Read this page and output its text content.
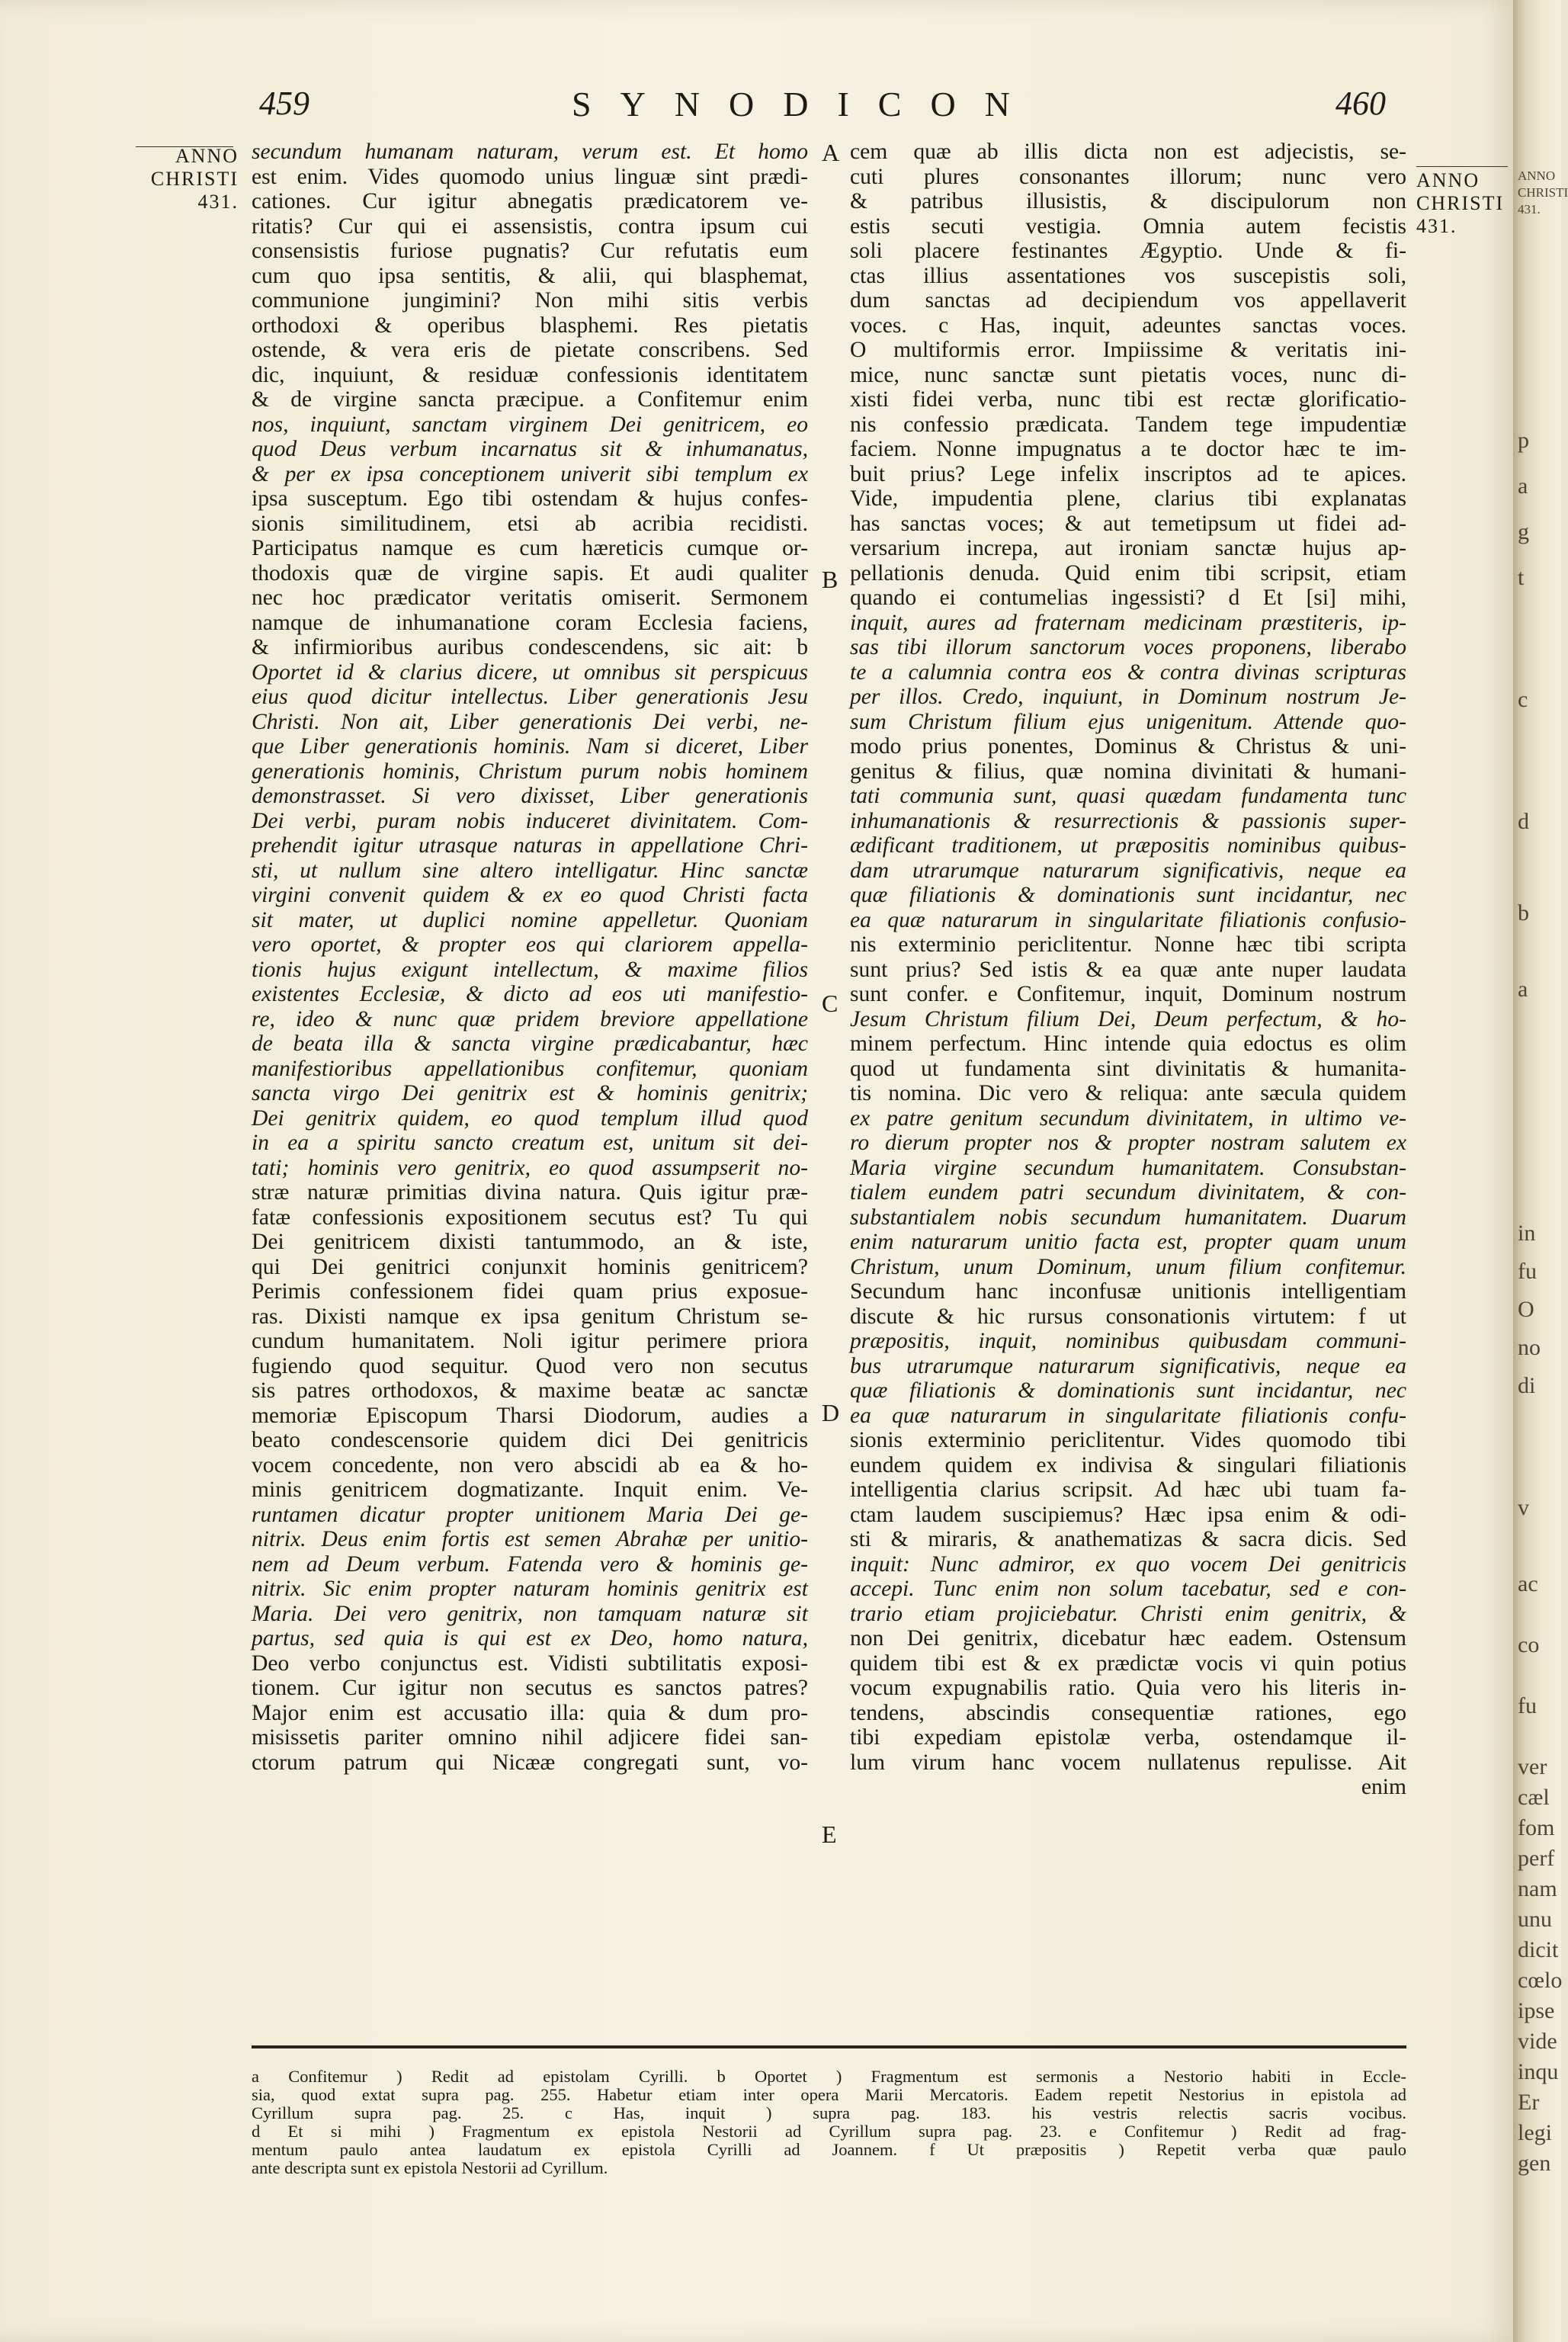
459	SYNODICON	460
ANNO
CHRISTI
431.
ANNO
CHRISTI
431.
A
B
C
D
E
secundum humanam naturam, verum est. Et homo
est enim. Vides quomodo unius linguæ sint prædi-
cationes. Cur igitur abnegatis prædicatorem ve-
ritatis? Cur qui ei assensistis, contra ipsum cui
consensistis furiose pugnatis? Cur refutatis eum
cum quo ipsa sentitis, & alii, qui blasphemat,
communione jungimini? Non mihi sitis verbis
orthodoxi & operibus blasphemi. Res pietatis
ostende, & vera eris de pietate conscribens. Sed
dic, inquiunt, & residuæ confessionis identitatem
& de virgine sancta præcipue. a Confitemur enim
nos, inquiunt, sanctam virginem Dei genitricem, eo
quod Deus verbum incarnatus sit & inhumanatus,
& per ex ipsa conceptionem univerit sibi templum ex
ipsa susceptum. Ego tibi ostendam & hujus confes-
sionis similitudinem, etsi ab acribia recidisti.
Participatus namque es cum hæreticis cumque or-
thodoxis quæ de virgine sapis. Et audi qualiter
nec hoc prædicator veritatis omiserit. Sermonem
namque de inhumanatione coram Ecclesia faciens,
& infirmioribus auribus condescendens, sic ait: b
Oportet id & clarius dicere, ut omnibus sit perspicuus
eius quod dicitur intellectus. Liber generationis Jesu
Christi. Non ait, Liber generationis Dei verbi, ne-
que Liber generationis hominis. Nam si diceret, Liber
generationis hominis, Christum purum nobis hominem
demonstrasset. Si vero dixisset, Liber generationis
Dei verbi, puram nobis induceret divinitatem. Com-
prehendit igitur utrasque naturas in appellatione Chri-
sti, ut nullum sine altero intelligatur. Hinc sanctæ
virgini convenit quidem & ex eo quod Christi facta
sit mater, ut duplici nomine appelletur. Quoniam
vero oportet, & propter eos qui clariorem appella-
tionis hujus exigunt intellectum, & maxime filios
existentes Ecclesiæ, & dicto ad eos uti manifestio-
re, ideo & nunc quæ pridem breviore appellatione
de beata illa & sancta virgine prædicabantur, hæc
manifestioribus appellationibus confitemur, quoniam
sancta virgo Dei genitrix est & hominis genitrix;
Dei genitrix quidem, eo quod templum illud quod
in ea a spiritu sancto creatum est, unitum sit dei-
tati; hominis vero genitrix, eo quod assumpserit no-
stræ naturæ primitias divina natura. Quis igitur præ-
fatæ confessionis expositionem secutus est? Tu qui
Dei genitricem dixisti tantummodo, an & iste,
qui Dei genitrici conjunxit hominis genitricem?
Perimis confessionem fidei quam prius exposue-
ras. Dixisti namque ex ipsa genitum Christum se-
cundum humanitatem. Noli igitur perimere priora
fugiendo quod sequitur. Quod vero non secutus
sis patres orthodoxos, & maxime beatæ ac sanctæ
memoriæ Episcopum Tharsi Diodorum, audies a
beato condescensorie quidem dici Dei genitricis
vocem concedente, non vero abscidi ab ea & ho-
minis genitricem dogmatizante. Inquit enim. Ve-
runtamen dicatur propter unitionem Maria Dei ge-
nitrix. Deus enim fortis est semen Abrahæ per unitio-
nem ad Deum verbum. Fatenda vero & hominis ge-
nitrix. Sic enim propter naturam hominis genitrix est
Maria. Dei vero genitrix, non tamquam naturæ sit
partus, sed quia is qui est ex Deo, homo natura,
Deo verbo conjunctus est. Vidisti subtilitatis exposi-
tionem. Cur igitur non secutus es sanctos patres?
Major enim est accusatio illa: quia & dum pro-
misissetis pariter omnino nihil adjicere fidei san-
ctorum patrum qui Nicææ congregati sunt, vo-
cem quæ ab illis dicta non est adjecistis, se-
cuti plures consonantes illorum; nunc vero
& patribus illusistis, & discipulorum non
estis secuti vestigia. Omnia autem fecistis
soli placere festinantes Ægyptio. Unde & fi-
ctas illius assentationes vos suscepistis soli,
dum sanctas ad decipiendum vos appellaverit
voces. c Has, inquit, adeuntes sanctas voces.
O multiformis error. Impiissime & veritatis ini-
mice, nunc sanctæ sunt pietatis voces, nunc di-
xisti fidei verba, nunc tibi est rectæ glorificatio-
nis confessio prædicata. Tandem tege impudentiæ
faciem. Nonne impugnatus a te doctor hæc te im-
buit prius? Lege infelix inscriptos ad te apices.
Vide, impudentia plene, clarius tibi explanatas
has sanctas voces; & aut temetipsum ut fidei ad-
versarium increpa, aut ironiam sanctæ hujus ap-
pellationis denuda. Quid enim tibi scripsit, etiam
quando ei contumelias ingessisti? d Et [si] mihi,
inquit, aures ad fraternam medicinam præstiteris, ip-
sas tibi illorum sanctorum voces proponens, liberabo
te a calumnia contra eos & contra divinas scripturas
per illos. Credo, inquiunt, in Dominum nostrum Je-
sum Christum filium ejus unigenitum. Attende quo-
modo prius ponentes, Dominus & Christus & uni-
genitus & filius, quæ nomina divinitati & humani-
tati communia sunt, quasi quædam fundamenta tunc
inhumanationis & resurrectionis & passionis super-
ædificant traditionem, ut præpositis nominibus quibus-
dam utrarumque naturarum significativis, neque ea
quæ filiationis & dominationis sunt incidantur, nec
ea quæ naturarum in singularitate filiationis confusio-
nis exterminio periclitentur. Nonne hæc tibi scripta
sunt prius? Sed istis & ea quæ ante nuper laudata
sunt confer. e Confitemur, inquit, Dominum nostrum
Jesum Christum filium Dei, Deum perfectum, & ho-
minem perfectum. Hinc intende quia edoctus es olim
quod ut fundamenta sint divinitatis & humanita-
tis nomina. Dic vero & reliqua: ante sæcula quidem
ex patre genitum secundum divinitatem, in ultimo ve-
ro dierum propter nos & propter nostram salutem ex
Maria virgine secundum humanitatem. Consubstan-
tialem eundem patri secundum divinitatem, & con-
substantialem nobis secundum humanitatem. Duarum
enim naturarum unitio facta est, propter quam unum
Christum, unum Dominum, unum filium confitemur.
Secundum hanc inconfusæ unitionis intelligentiam
discute & hic rursus consonationis virtutem: f ut
præpositis, inquit, nominibus quibusdam communi-
bus utrarumque naturarum significativis, neque ea
quæ filiationis & dominationis sunt incidantur, nec
ea quæ naturarum in singularitate filiationis confu-
sionis exterminio periclitentur. Vides quomodo tibi
eundem quidem ex indivisa & singulari filiationis
intelligentia clarius scripsit. Ad hæc ubi tuam fa-
ctam laudem suscipiemus? Hæc ipsa enim & odi-
sti & miraris, & anathematizas & sacra dicis. Sed
inquit: Nunc admiror, ex quo vocem Dei genitricis
accepi. Tunc enim non solum tacebatur, sed e con-
trario etiam projiciebatur. Christi enim genitrix, &
non Dei genitrix, dicebatur hæc eadem. Ostensum
quidem tibi est & ex prædictæ vocis vi quin potius
vocum expugnabilis ratio. Quia vero his literis in-
tendens, abscindis consequentiæ rationes, ego
tibi expediam epistolæ verba, ostendamque il-
lum virum hanc vocem nullatenus repulisse. Ait
enim
a Confitemur ) Redit ad epistolam Cyrilli. b Oportet ) Fragmentum est sermonis a Nestorio habiti in Eccle-
sia, quod extat supra pag. 255. Habetur etiam inter opera Marii Mercatoris. Eadem repetit Nestorius in epistola ad
Cyrillum supra pag. 25. c Has, inquit ) supra pag. 183. his vestris relectis sacris vocibus.
d Et si mihi ) Fragmentum ex epistola Nestorii ad Cyrillum supra pag. 23. e Confitemur ) Redit ad frag-
mentum paulo antea laudatum ex epistola Cyrilli ad Joannem. f Ut præpositis ) Repetit verba quæ paulo
ante descripta sunt ex epistola Nestorii ad Cyrillum.
ANNO
CHRISTI
431.
p
a
g
t
c
d
b
a
in
fu
O
no
di
v
ac
co
fu
ver
cæl
fom
perf
nam
unu
dicit
cœlo
ipse
vide
inqu
Er
legi
gen
